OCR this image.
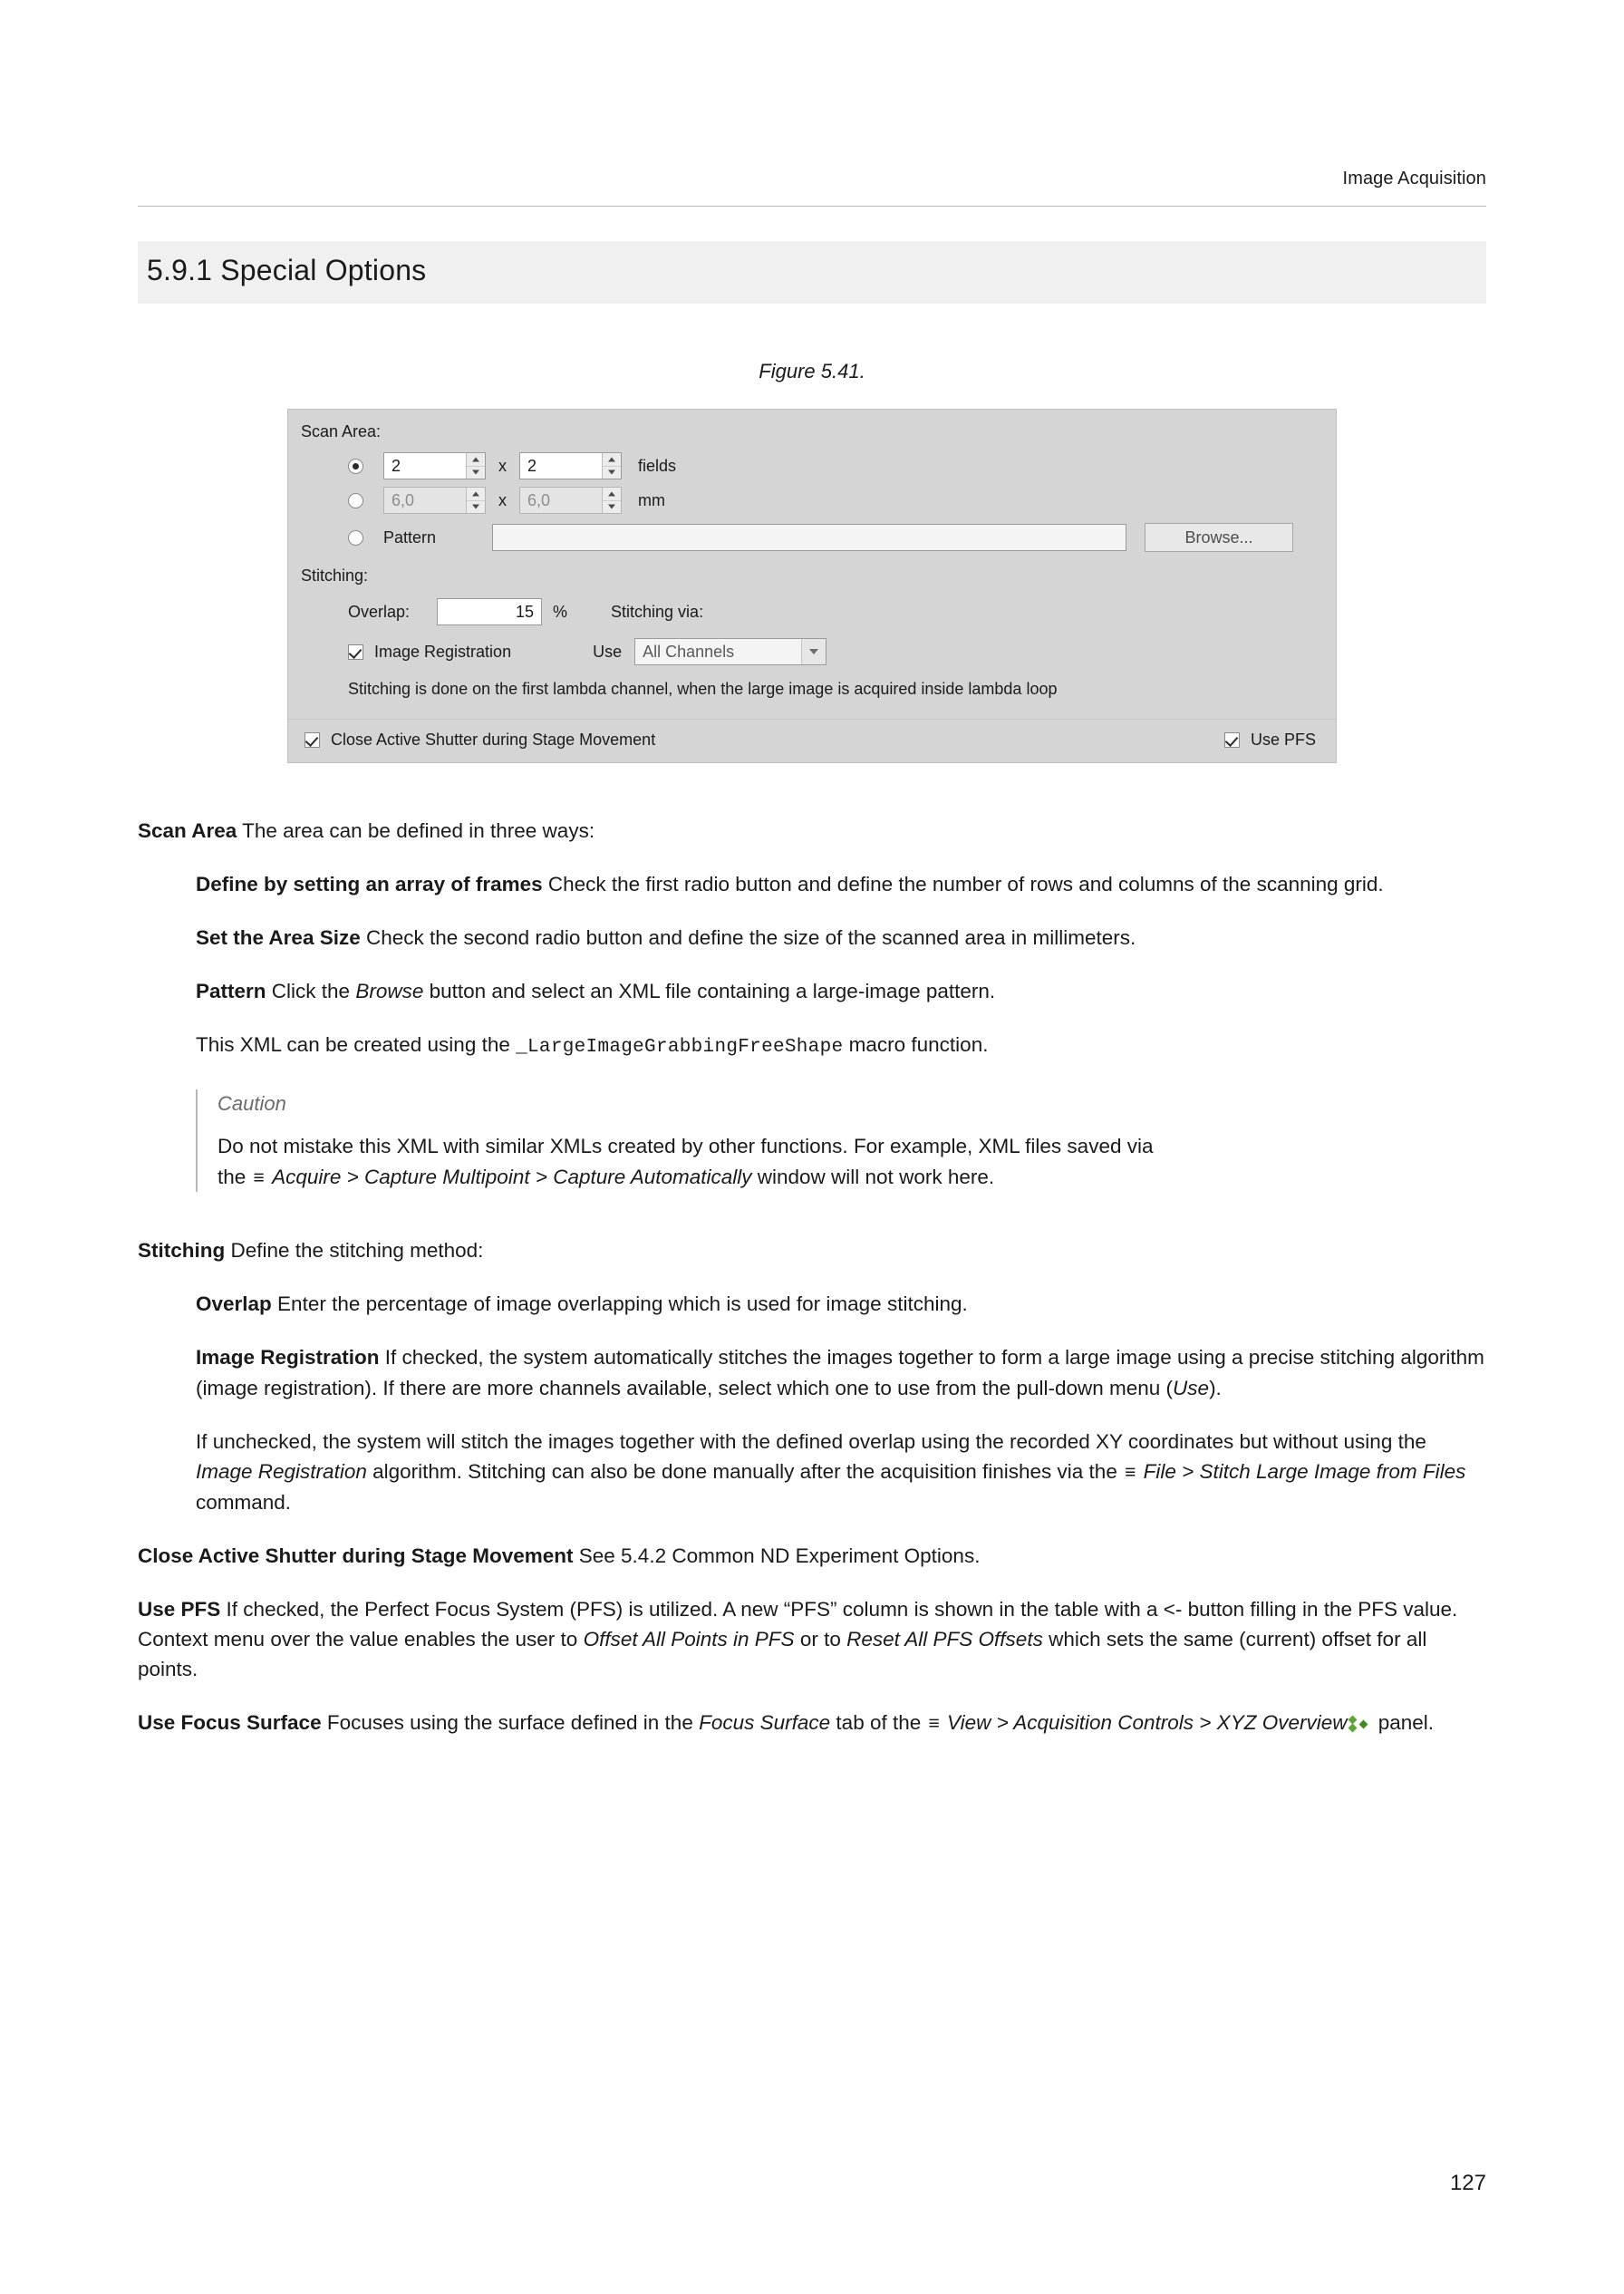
Image Acquisition
5.9.1 Special Options
Figure 5.41.
Scan Area:
2	x	2	fields
6,0	x	6,0	mm
Pattern	Browse...
Stitching:
Overlap:	15	%	Stitching via:
Image Registration	Use	All Channels
Stitching is done on the first lambda channel, when the large image is acquired inside lambda loop
Close Active Shutter during Stage Movement	Use PFS
Scan Area The area can be defined in three ways:
Define by setting an array of frames Check the first radio button and define the number of rows and columns of the scanning grid.
Set the Area Size Check the second radio button and define the size of the scanned area in millimeters.
Pattern Click the Browse button and select an XML file containing a large-image pattern.
This XML can be created using the _LargeImageGrabbingFreeShape macro function.
Caution
Do not mistake this XML with similar XMLs created by other functions. For example, XML files saved via
the ≡ Acquire > Capture Multipoint > Capture Automatically window will not work here.
Stitching Define the stitching method:
Overlap Enter the percentage of image overlapping which is used for image stitching.
Image Registration If checked, the system automatically stitches the images together to form a large image using a precise stitching algorithm (image registration). If there are more channels available, select which one to use from the pull-down menu (Use).
If unchecked, the system will stitch the images together with the defined overlap using the recorded XY coordinates but without using the Image Registration algorithm. Stitching can also be done manually after the acquisition finishes via the ≡ File > Stitch Large Image from Files command.
Close Active Shutter during Stage Movement See 5.4.2 Common ND Experiment Options.
Use PFS If checked, the Perfect Focus System (PFS) is utilized. A new “PFS” column is shown in the table with a <- button filling in the PFS value. Context menu over the value enables the user to Offset All Points in PFS or to Reset All PFS Offsets which sets the same (current) offset for all points.
Use Focus Surface Focuses using the surface defined in the Focus Surface tab of the ≡ View > Acquisition Controls > XYZ Overview
panel.
127
